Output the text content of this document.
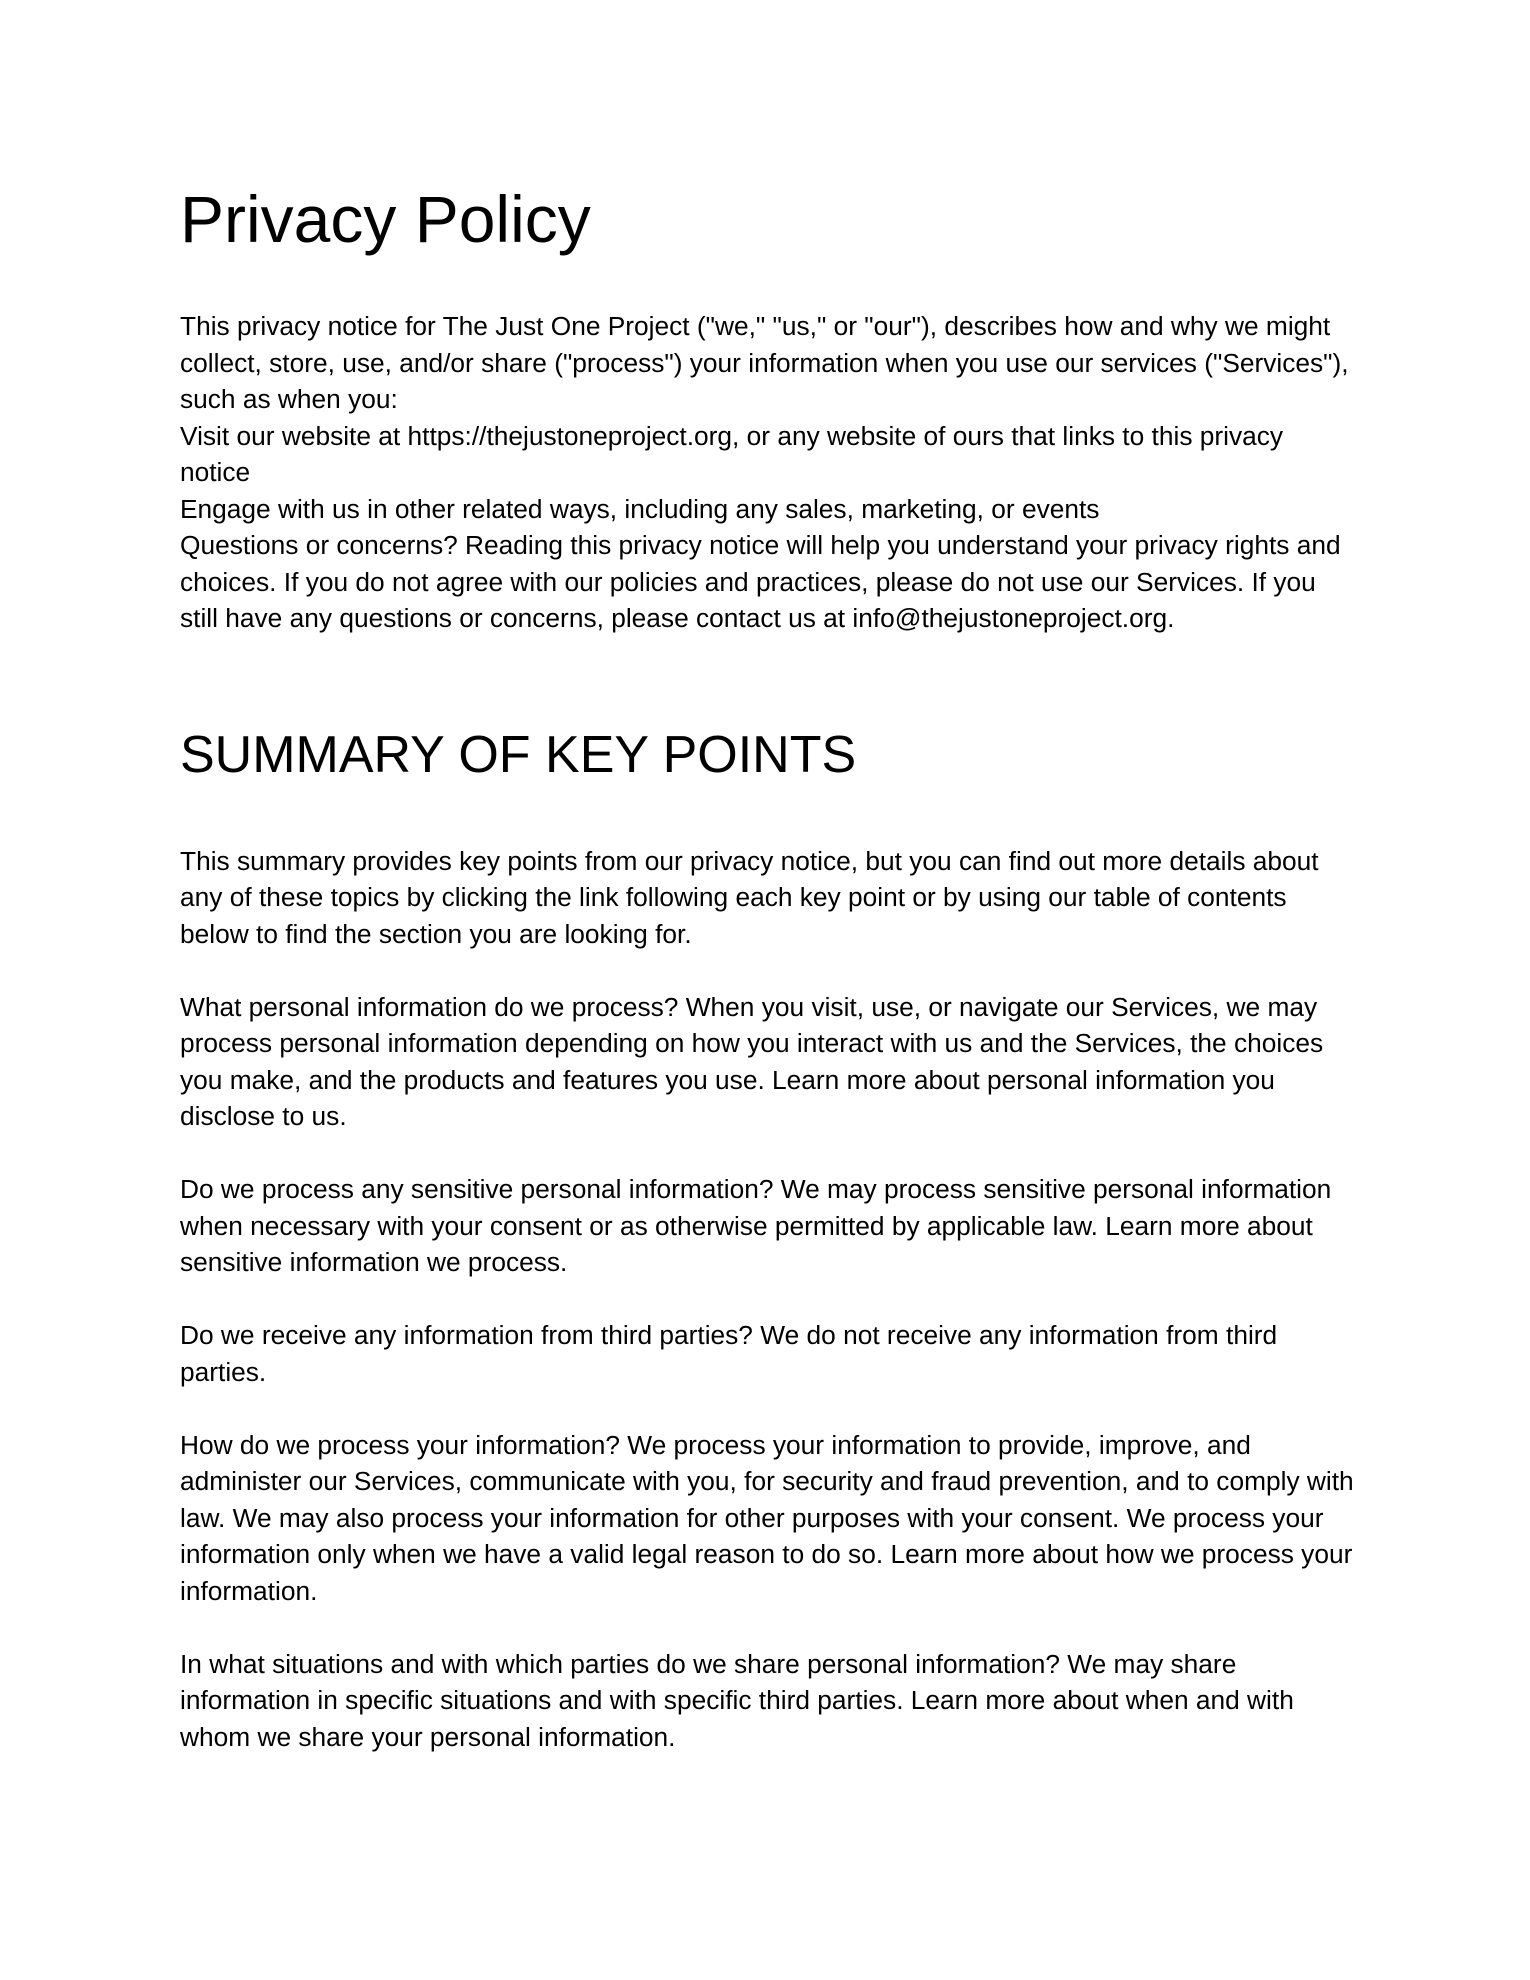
Privacy Policy

This privacy notice for The Just One Project ("we," "us," or "our"), describes how and why we might collect, store, use, and/or share ("process") your information when you use our services ("Services"), such as when you:

Visit our website at https://thejustoneproject.org, or any website of ours that links to this privacy notice

Engage with us in other related ways, including any sales, marketing, or events

Questions or concerns? Reading this privacy notice will help you understand your privacy rights and choices. If you do not agree with our policies and practices, please do not use our Services. If you still have any questions or concerns, please contact us at info@thejustoneproject.org.

SUMMARY OF KEY POINTS

This summary provides key points from our privacy notice, but you can find out more details about any of these topics by clicking the link following each key point or by using our table of contents below to find the section you are looking for.

What personal information do we process? When you visit, use, or navigate our Services, we may process personal information depending on how you interact with us and the Services, the choices you make, and the products and features you use. Learn more about personal information you disclose to us.

Do we process any sensitive personal information? We may process sensitive personal information when necessary with your consent or as otherwise permitted by applicable law. Learn more about sensitive information we process.

Do we receive any information from third parties? We do not receive any information from third parties.

How do we process your information? We process your information to provide, improve, and administer our Services, communicate with you, for security and fraud prevention, and to comply with law. We may also process your information for other purposes with your consent. We process your information only when we have a valid legal reason to do so. Learn more about how we process your information.

In what situations and with which parties do we share personal information? We may share information in specific situations and with specific third parties. Learn more about when and with whom we share your personal information.
